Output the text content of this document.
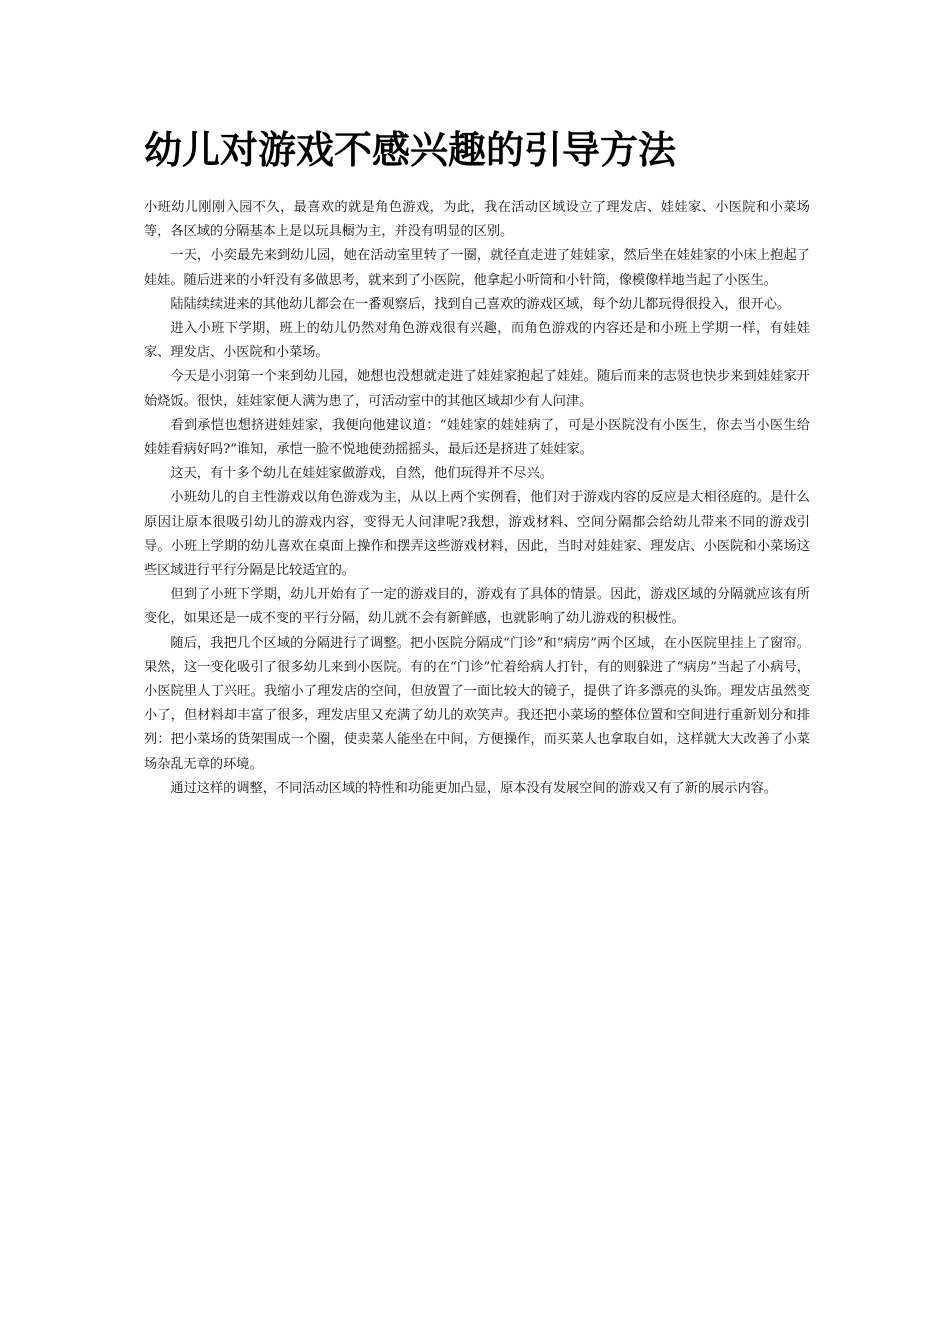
幼儿对游戏不感兴趣的引导方法

小班幼儿刚刚入园不久，最喜欢的就是角色游戏，为此，我在活动区域设立了理发店、娃娃家、小医院和小菜场等，各区域的分隔基本上是以玩具橱为主，并没有明显的区别。

一天，小奕最先来到幼儿园，她在活动室里转了一圈，就径直走进了娃娃家，然后坐在娃娃家的小床上抱起了娃娃。随后进来的小轩没有多做思考，就来到了小医院，他拿起小听筒和小针筒，像模像样地当起了小医生。

陆陆续续进来的其他幼儿都会在一番观察后，找到自己喜欢的游戏区域，每个幼儿都玩得很投入，很开心。

进入小班下学期，班上的幼儿仍然对角色游戏很有兴趣，而角色游戏的内容还是和小班上学期一样，有娃娃家、理发店、小医院和小菜场。

今天是小羽第一个来到幼儿园，她想也没想就走进了娃娃家抱起了娃娃。随后而来的志贤也快步来到娃娃家开始烧饭。很快，娃娃家便人满为患了，可活动室中的其他区域却少有人问津。

看到承恺也想挤进娃娃家，我便向他建议道：“娃娃家的娃娃病了，可是小医院没有小医生，你去当小医生给娃娃看病好吗?”谁知，承恺一脸不悦地使劲摇摇头，最后还是挤进了娃娃家。

这天，有十多个幼儿在娃娃家做游戏，自然，他们玩得并不尽兴。

小班幼儿的自主性游戏以角色游戏为主，从以上两个实例看，他们对于游戏内容的反应是大相径庭的。是什么原因让原本很吸引幼儿的游戏内容，变得无人问津呢?我想，游戏材料、空间分隔都会给幼儿带来不同的游戏引导。小班上学期的幼儿喜欢在桌面上操作和摆弄这些游戏材料，因此，当时对娃娃家、理发店、小医院和小菜场这些区域进行平行分隔是比较适宜的。

但到了小班下学期，幼儿开始有了一定的游戏目的，游戏有了具体的情景。因此，游戏区域的分隔就应该有所变化，如果还是一成不变的平行分隔，幼儿就不会有新鲜感，也就影响了幼儿游戏的积极性。

随后，我把几个区域的分隔进行了调整。把小医院分隔成“门诊”和“病房”两个区域，在小医院里挂上了窗帘。果然，这一变化吸引了很多幼儿来到小医院。有的在“门诊”忙着给病人打针，有的则躲进了“病房”当起了小病号，小医院里人丁兴旺。我缩小了理发店的空间，但放置了一面比较大的镜子，提供了许多漂亮的头饰。理发店虽然变小了，但材料却丰富了很多，理发店里又充满了幼儿的欢笑声。我还把小菜场的整体位置和空间进行重新划分和排列：把小菜场的货架围成一个圈，使卖菜人能坐在中间，方便操作，而买菜人也拿取自如，这样就大大改善了小菜场杂乱无章的环境。

通过这样的调整，不同活动区域的特性和功能更加凸显，原本没有发展空间的游戏又有了新的展示内容。
